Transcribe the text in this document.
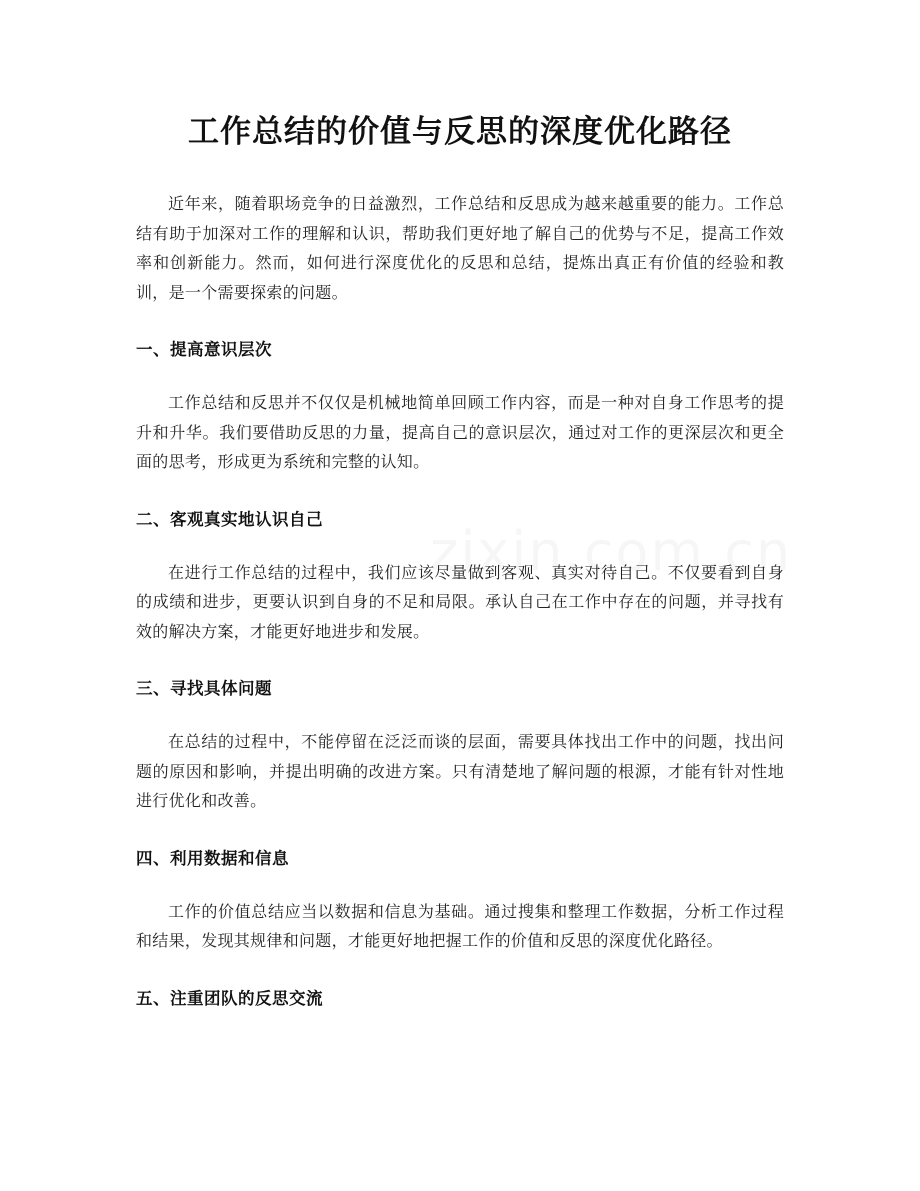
工作总结的价值与反思的深度优化路径

近年来，随着职场竞争的日益激烈，工作总结和反思成为越来越重要的能力。工作总结有助于加深对工作的理解和认识，帮助我们更好地了解自己的优势与不足，提高工作效率和创新能力。然而，如何进行深度优化的反思和总结，提炼出真正有价值的经验和教训，是一个需要探索的问题。

一、提高意识层次

工作总结和反思并不仅仅是机械地简单回顾工作内容，而是一种对自身工作思考的提升和升华。我们要借助反思的力量，提高自己的意识层次，通过对工作的更深层次和更全面的思考，形成更为系统和完整的认知。

二、客观真实地认识自己

在进行工作总结的过程中，我们应该尽量做到客观、真实对待自己。不仅要看到自身的成绩和进步，更要认识到自身的不足和局限。承认自己在工作中存在的问题，并寻找有效的解决方案，才能更好地进步和发展。

三、寻找具体问题

在总结的过程中，不能停留在泛泛而谈的层面，需要具体找出工作中的问题，找出问题的原因和影响，并提出明确的改进方案。只有清楚地了解问题的根源，才能有针对性地进行优化和改善。

四、利用数据和信息

工作的价值总结应当以数据和信息为基础。通过搜集和整理工作数据，分析工作过程和结果，发现其规律和问题，才能更好地把握工作的价值和反思的深度优化路径。

五、注重团队的反思交流
